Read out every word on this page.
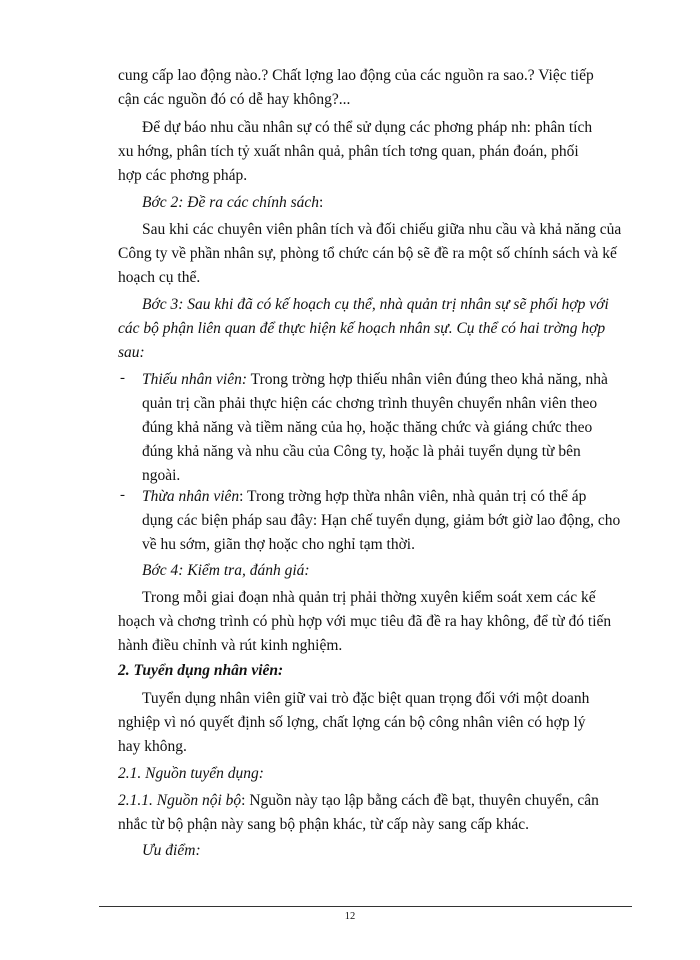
cung cấp lao động nào.? Chất lợng lao động của các nguồn ra sao.? Việc tiếp
cận các nguồn đó có dễ hay không?...
Để dự báo nhu cầu nhân sự có thể sử dụng các phơng pháp nh: phân tích
xu hớng, phân tích tỷ xuất nhân quả, phân tích tơng quan, phán đoán, phối
hợp các phơng pháp.
Bớc 2: Đề ra các chính sách:
Sau khi các chuyên viên phân tích và đối chiếu giữa nhu cầu và khả năng của
Công ty về phần nhân sự, phòng tổ chức cán bộ sẽ đề ra một số chính sách và kế
hoạch cụ thể.
Bớc 3: Sau khi đã có kế hoạch cụ thể, nhà quản trị nhân sự sẽ phối hợp với
các bộ phận liên quan để thực hiện kế hoạch nhân sự. Cụ thể có hai trờng hợp
sau:
- Thiếu nhân viên: Trong trờng hợp thiếu nhân viên đúng theo khả năng, nhà
quản trị cần phải thực hiện các chơng trình thuyên chuyển nhân viên theo
đúng khả năng và tiềm năng của họ, hoặc thăng chức và giáng chức theo
đúng khả năng và nhu cầu của Công ty, hoặc là phải tuyển dụng từ bên
ngoài.
- Thừa nhân viên: Trong trờng hợp thừa nhân viên, nhà quản trị có thể áp
dụng các biện pháp sau đây: Hạn chế tuyển dụng, giảm bớt giờ lao động, cho
về hu sớm, giãn thợ hoặc cho nghỉ tạm thời.
Bớc 4: Kiểm tra, đánh giá:
Trong mỗi giai đoạn nhà quản trị phải thờng xuyên kiểm soát xem các kế
hoạch và chơng trình có phù hợp với mục tiêu đã đề ra hay không, để từ đó tiến
hành điều chỉnh và rút kinh nghiệm.
2. Tuyển dụng nhân viên:
Tuyển dụng nhân viên giữ vai trò đặc biệt quan trọng đối với một doanh
nghiệp vì nó quyết định số lợng, chất lợng cán bộ công nhân viên có hợp lý
hay không.
2.1. Nguồn tuyển dụng:
2.1.1. Nguồn nội bộ: Nguồn này tạo lập bằng cách đề bạt, thuyên chuyển, cân
nhắc từ bộ phận này sang bộ phận khác, từ cấp này sang cấp khác.
Ưu điểm:
12
